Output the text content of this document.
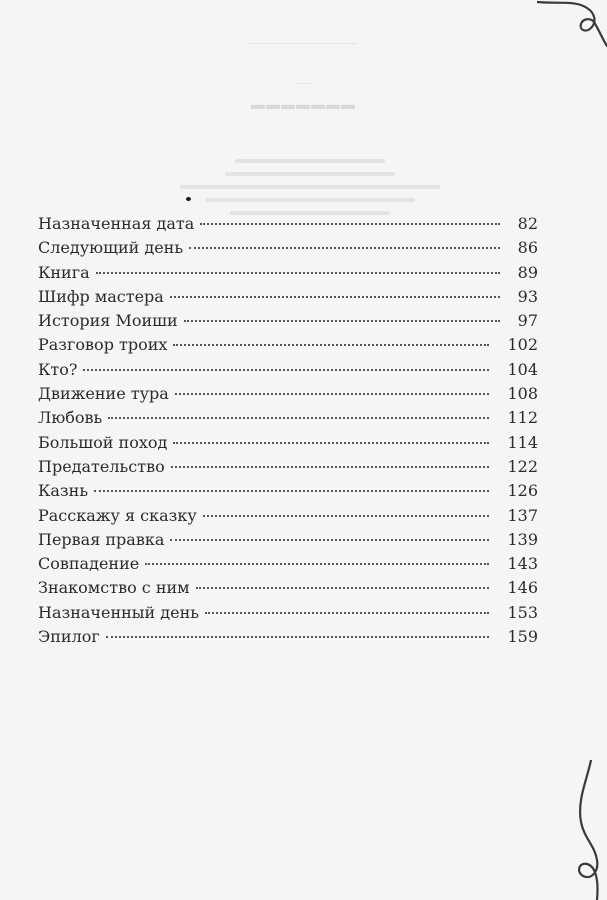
————————————
——
▬▬▬▬▬▬▬
Назначенная дата	82
Следующий день	86
Книга	89
Шифр мастера	93
История Моиши	97
Разговор троих	102
Кто?	104
Движение тура	108
Любовь	112
Большой поход	114
Предательство	122
Казнь	126
Расскажу я сказку	137
Первая правка	139
Совпадение	143
Знакомство с ним	146
Назначенный день	153
Эпилог	159
